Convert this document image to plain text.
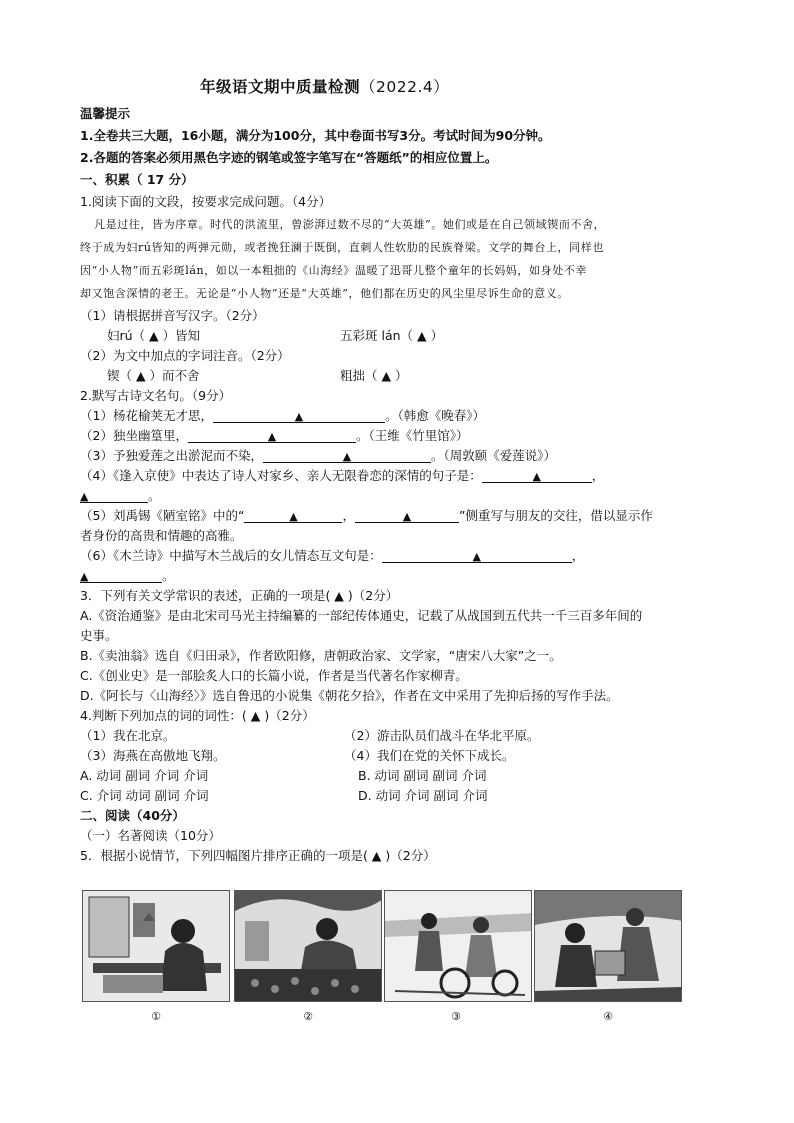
年级语文期中质量检测（2022.4）
温馨提示
1.全卷共三大题，16小题，满分为100分，其中卷面书写3分。考试时间为90分钟。
2.各题的答案必须用黑色字迹的钢笔或签字笔写在“答题纸”的相应位置上。
一、积累（ 17 分）
1.阅读下面的文段，按要求完成问题。（4分）
凡是过往，皆为序章。时代的洪流里，曾澎湃过数不尽的“大英雄”。她们或是在自己领域锲而不舍，
终于成为妇rú皆知的两弹元勋，或者挽狂澜于既倒，直刺人性软肋的民族脊梁。文学的舞台上，同样也
因“小人物”而五彩斑lán，如以一本粗拙的《山海经》温暖了迅哥儿整个童年的长妈妈，如身处不幸
却又饱含深情的老王。无论是“小人物”还是“大英雄”，他们都在历史的风尘里尽诉生命的意义。
（1）请根据拼音写汉字。（2分）
妇rú（ ▲ ）皆知	五彩斑 lán（ ▲ ）
（2）为文中加点的字词注音。（2分）
锲（ ▲ ）而不舍	粗拙（ ▲ ）
2.默写古诗文名句。（9分）
（1）杨花榆荚无才思，	▲	。（韩愈《晚春》）
（2）独坐幽篁里，	▲	。（王维《竹里馆》）
（3）予独爱莲之出淤泥而不染，	▲	。（周敦颐《爱莲说》）
（4）《逢入京使》中表达了诗人对家乡、亲人无限眷恋的深情的句子是：	▲	，
▲	。
（5）刘禹锡《陋室铭》中的“	▲	，	▲	”侧重写与朋友的交往，借以显示作
者身份的高贵和情趣的高雅。
（6）《木兰诗》中描写木兰战后的女儿情态互文句是：	▲	，
▲	。
3．下列有关文学常识的表述，正确的一项是( ▲ )（2分）
A.《资治通鉴》是由北宋司马光主持编纂的一部纪传体通史，记载了从战国到五代共一千三百多年间的
史事。
B.《卖油翁》选自《归田录》，作者欧阳修，唐朝政治家、文学家，“唐宋八大家”之一。
C.《创业史》是一部脍炙人口的长篇小说，作者是当代著名作家柳青。
D.《阿长与〈山海经〉》选自鲁迅的小说集《朝花夕拾》，作者在文中采用了先抑后扬的写作手法。
4.判断下列加点的词的词性：( ▲ )（2分）
（1）我在北京。	（2）游击队员们战斗在华北平原。
（3）海燕在高傲地飞翔。	（4）我们在党的关怀下成长。
A. 动词 副词 介词 介词	B. 动词 副词 副词 介词
C. 介词 动词 副词 介词	D. 动词 介词 副词 介词
二、阅读（40分）
（一）名著阅读（10分）
5．根据小说情节，下列四幅图片排序正确的一项是( ▲ )（2分）
①	②	③	④
